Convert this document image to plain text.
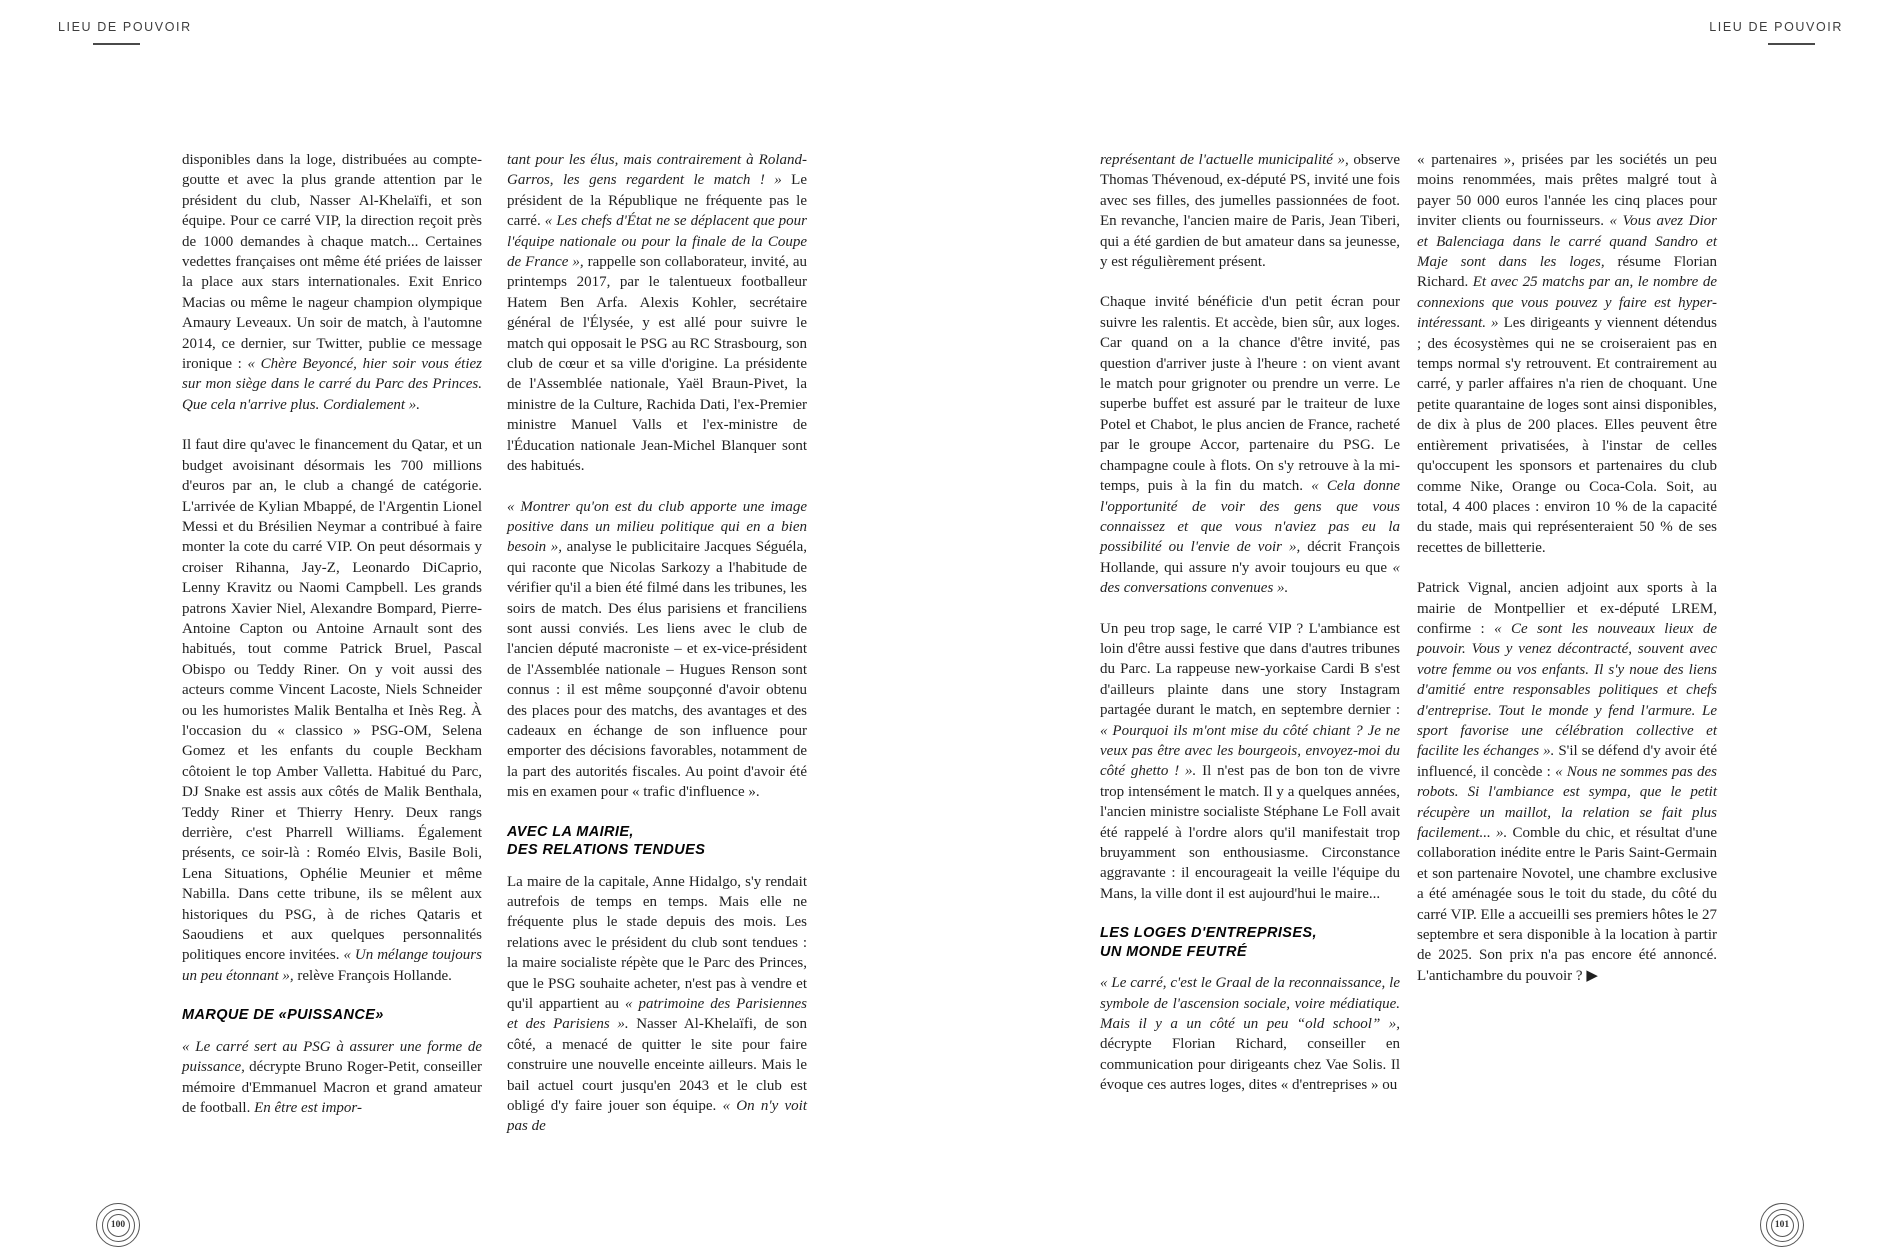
LIEU DE POUVOIR	LIEU DE POUVOIR

disponibles dans la loge, distribuées au compte-goutte et avec la plus grande attention par le président du club, Nasser Al-Khelaïfi, et son équipe. Pour ce carré VIP, la direction reçoit près de 1000 demandes à chaque match... Certaines vedettes françaises ont même été priées de laisser la place aux stars internationales. Exit Enrico Macias ou même le nageur champion olympique Amaury Leveaux. Un soir de match, à l'automne 2014, ce dernier, sur Twitter, publie ce message ironique : « Chère Beyoncé, hier soir vous étiez sur mon siège dans le carré du Parc des Princes. Que cela n'arrive plus. Cordialement ».

Il faut dire qu'avec le financement du Qatar, et un budget avoisinant désormais les 700 millions d'euros par an, le club a changé de catégorie. L'arrivée de Kylian Mbappé, de l'Argentin Lionel Messi et du Brésilien Neymar a contribué à faire monter la cote du carré VIP. On peut désormais y croiser Rihanna, Jay-Z, Leonardo DiCaprio, Lenny Kravitz ou Naomi Campbell. Les grands patrons Xavier Niel, Alexandre Bompard, Pierre-Antoine Capton ou Antoine Arnault sont des habitués, tout comme Patrick Bruel, Pascal Obispo ou Teddy Riner. On y voit aussi des acteurs comme Vincent Lacoste, Niels Schneider ou les humoristes Malik Bentalha et Inès Reg. À l'occasion du « classico » PSG-OM, Selena Gomez et les enfants du couple Beckham côtoient le top Amber Valletta. Habitué du Parc, DJ Snake est assis aux côtés de Malik Benthala, Teddy Riner et Thierry Henry. Deux rangs derrière, c'est Pharrell Williams. Également présents, ce soir-là : Roméo Elvis, Basile Boli, Lena Situations, Ophélie Meunier et même Nabilla. Dans cette tribune, ils se mêlent aux historiques du PSG, à de riches Qataris et Saoudiens et aux quelques personnalités politiques encore invitées. « Un mélange toujours un peu étonnant », relève François Hollande.

MARQUE DE «PUISSANCE»

« Le carré sert au PSG à assurer une forme de puissance, décrypte Bruno Roger-Petit, conseiller mémoire d'Emmanuel Macron et grand amateur de football. En être est impor-

tant pour les élus, mais contrairement à Roland-Garros, les gens regardent le match ! » Le président de la République ne fréquente pas le carré. « Les chefs d'État ne se déplacent que pour l'équipe nationale ou pour la finale de la Coupe de France », rappelle son collaborateur, invité, au printemps 2017, par le talentueux footballeur Hatem Ben Arfa. Alexis Kohler, secrétaire général de l'Élysée, y est allé pour suivre le match qui opposait le PSG au RC Strasbourg, son club de cœur et sa ville d'origine. La présidente de l'Assemblée nationale, Yaël Braun-Pivet, la ministre de la Culture, Rachida Dati, l'ex-Premier ministre Manuel Valls et l'ex-ministre de l'Éducation nationale Jean-Michel Blanquer sont des habitués.

« Montrer qu'on est du club apporte une image positive dans un milieu politique qui en a bien besoin », analyse le publicitaire Jacques Séguéla, qui raconte que Nicolas Sarkozy a l'habitude de vérifier qu'il a bien été filmé dans les tribunes, les soirs de match. Des élus parisiens et franciliens sont aussi conviés. Les liens avec le club de l'ancien député macroniste – et ex-vice-président de l'Assemblée nationale – Hugues Renson sont connus : il est même soupçonné d'avoir obtenu des places pour des matchs, des avantages et des cadeaux en échange de son influence pour emporter des décisions favorables, notamment de la part des autorités fiscales. Au point d'avoir été mis en examen pour « trafic d'influence ».

AVEC LA MAIRIE,
DES RELATIONS TENDUES

La maire de la capitale, Anne Hidalgo, s'y rendait autrefois de temps en temps. Mais elle ne fréquente plus le stade depuis des mois. Les relations avec le président du club sont tendues : la maire socialiste répète que le Parc des Princes, que le PSG souhaite acheter, n'est pas à vendre et qu'il appartient au « patrimoine des Parisiennes et des Parisiens ». Nasser Al-Khelaïfi, de son côté, a menacé de quitter le site pour faire construire une nouvelle enceinte ailleurs. Mais le bail actuel court jusqu'en 2043 et le club est obligé d'y faire jouer son équipe. « On n'y voit pas de

représentant de l'actuelle municipalité », observe Thomas Thévenoud, ex-député PS, invité une fois avec ses filles, des jumelles passionnées de foot. En revanche, l'ancien maire de Paris, Jean Tiberi, qui a été gardien de but amateur dans sa jeunesse, y est régulièrement présent.

Chaque invité bénéficie d'un petit écran pour suivre les ralentis. Et accède, bien sûr, aux loges. Car quand on a la chance d'être invité, pas question d'arriver juste à l'heure : on vient avant le match pour grignoter ou prendre un verre. Le superbe buffet est assuré par le traiteur de luxe Potel et Chabot, le plus ancien de France, racheté par le groupe Accor, partenaire du PSG. Le champagne coule à flots. On s'y retrouve à la mi-temps, puis à la fin du match. « Cela donne l'opportunité de voir des gens que vous connaissez et que vous n'aviez pas eu la possibilité ou l'envie de voir », décrit François Hollande, qui assure n'y avoir toujours eu que « des conversations convenues ».

Un peu trop sage, le carré VIP ? L'ambiance est loin d'être aussi festive que dans d'autres tribunes du Parc. La rappeuse new-yorkaise Cardi B s'est d'ailleurs plainte dans une story Instagram partagée durant le match, en septembre dernier : « Pourquoi ils m'ont mise du côté chiant ? Je ne veux pas être avec les bourgeois, envoyez-moi du côté ghetto ! ». Il n'est pas de bon ton de vivre trop intensément le match. Il y a quelques années, l'ancien ministre socialiste Stéphane Le Foll avait été rappelé à l'ordre alors qu'il manifestait trop bruyamment son enthousiasme. Circonstance aggravante : il encourageait la veille l'équipe du Mans, la ville dont il est aujourd'hui le maire...

LES LOGES D'ENTREPRISES,
UN MONDE FEUTRÉ

« Le carré, c'est le Graal de la reconnaissance, le symbole de l'ascension sociale, voire médiatique. Mais il y a un côté un peu “old school” », décrypte Florian Richard, conseiller en communication pour dirigeants chez Vae Solis. Il évoque ces autres loges, dites « d'entreprises » ou

« partenaires », prisées par les sociétés un peu moins renommées, mais prêtes malgré tout à payer 50 000 euros l'année les cinq places pour inviter clients ou fournisseurs. « Vous avez Dior et Balenciaga dans le carré quand Sandro et Maje sont dans les loges, résume Florian Richard. Et avec 25 matchs par an, le nombre de connexions que vous pouvez y faire est hyper-intéressant. » Les dirigeants y viennent détendus ; des écosystèmes qui ne se croiseraient pas en temps normal s'y retrouvent. Et contrairement au carré, y parler affaires n'a rien de choquant. Une petite quarantaine de loges sont ainsi disponibles, de dix à plus de 200 places. Elles peuvent être entièrement privatisées, à l'instar de celles qu'occupent les sponsors et partenaires du club comme Nike, Orange ou Coca-Cola. Soit, au total, 4 400 places : environ 10 % de la capacité du stade, mais qui représenteraient 50 % de ses recettes de billetterie.

Patrick Vignal, ancien adjoint aux sports à la mairie de Montpellier et ex-député LREM, confirme : « Ce sont les nouveaux lieux de pouvoir. Vous y venez décontracté, souvent avec votre femme ou vos enfants. Il s'y noue des liens d'amitié entre responsables politiques et chefs d'entreprise. Tout le monde y fend l'armure. Le sport favorise une célébration collective et facilite les échanges ». S'il se défend d'y avoir été influencé, il concède : « Nous ne sommes pas des robots. Si l'ambiance est sympa, que le petit récupère un maillot, la relation se fait plus facilement... ». Comble du chic, et résultat d'une collaboration inédite entre le Paris Saint-Germain et son partenaire Novotel, une chambre exclusive a été aménagée sous le toit du stade, du côté du carré VIP. Elle a accueilli ses premiers hôtes le 27 septembre et sera disponible à la location à partir de 2025. Son prix n'a pas encore été annoncé. L'antichambre du pouvoir ? ▶

100	101
